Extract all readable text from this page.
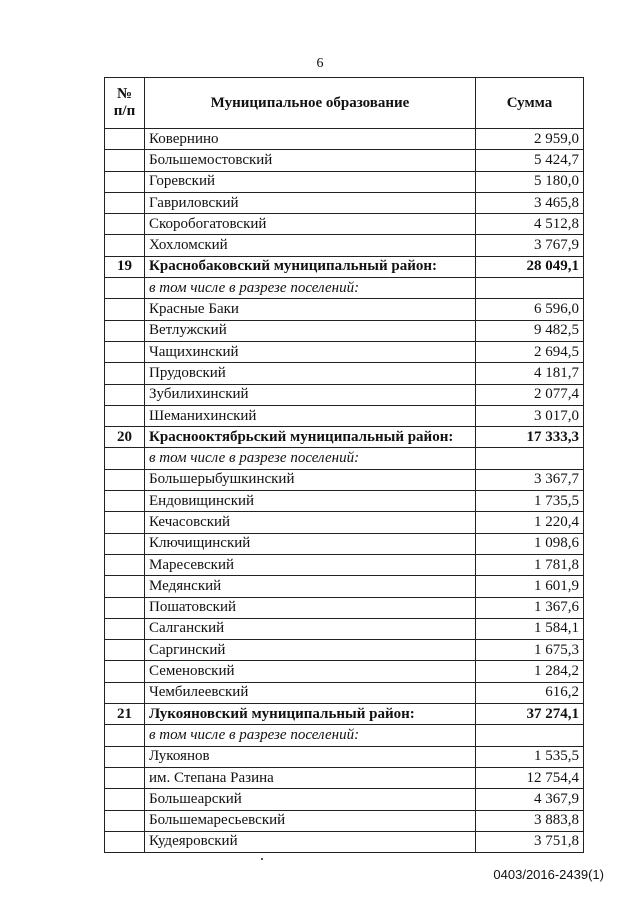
6
№
п/п	Муниципальное образование	Сумма
	Ковернино	2 959,0
	Большемостовский	5 424,7
	Горевский	5 180,0
	Гавриловский	3 465,8
	Скоробогатовский	4 512,8
	Хохломский	3 767,9
19	Краснобаковский муниципальный район:	28 049,1
	в том числе в разрезе поселений:	
	Красные Баки	6 596,0
	Ветлужский	9 482,5
	Чащихинский	2 694,5
	Прудовский	4 181,7
	Зубилихинский	2 077,4
	Шеманихинский	3 017,0
20	Краснооктябрьский муниципальный район:	17 333,3
	в том числе в разрезе поселений:	
	Большерыбушкинский	3 367,7
	Ендовищинский	1 735,5
	Кечасовский	1 220,4
	Ключищинский	1 098,6
	Маресевский	1 781,8
	Медянский	1 601,9
	Пошатовский	1 367,6
	Салганский	1 584,1
	Саргинский	1 675,3
	Семеновский	1 284,2
	Чембилеевский	616,2
21	Лукояновский муниципальный район:	37 274,1
	в том числе в разрезе поселений:	
	Лукоянов	1 535,5
	им. Степана Разина	12 754,4
	Большеарский	4 367,9
	Большемаресьевский	3 883,8
	Кудеяровский	3 751,8
0403/2016-2439(1)
